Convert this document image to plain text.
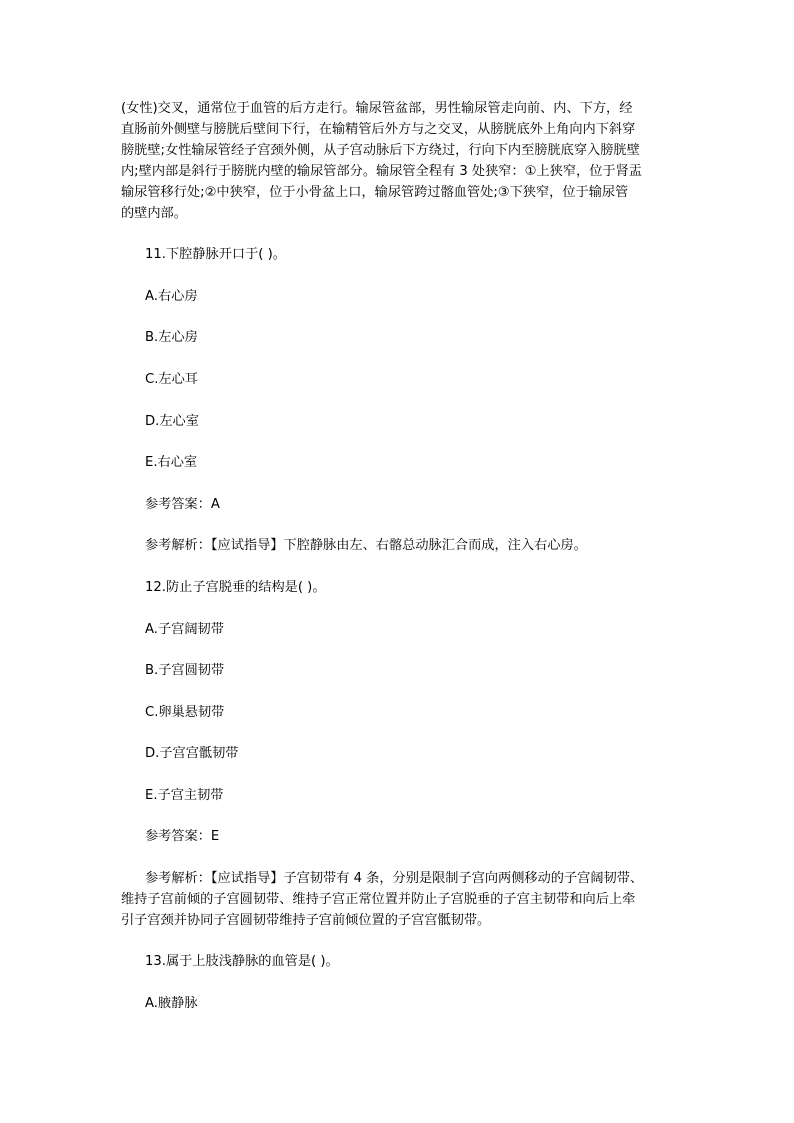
(女性)交叉，通常位于血管的后方走行。输尿管盆部，男性输尿管走向前、内、下方，经
直肠前外侧壁与膀胱后壁间下行，在输精管后外方与之交叉，从膀胱底外上角向内下斜穿
膀胱壁;女性输尿管经子宫颈外侧，从子宫动脉后下方绕过，行向下内至膀胱底穿入膀胱壁
内;壁内部是斜行于膀胱内壁的输尿管部分。输尿管全程有 3 处狭窄：①上狭窄，位于肾盂
输尿管移行处;②中狭窄，位于小骨盆上口，输尿管跨过髂血管处;③下狭窄，位于输尿管
的壁内部。
11.下腔静脉开口于( )。
A.右心房
B.左心房
C.左心耳
D.左心室
E.右心室
参考答案：A
参考解析：【应试指导】下腔静脉由左、右髂总动脉汇合而成，注入右心房。
12.防止子宫脱垂的结构是( )。
A.子宫阔韧带
B.子宫圆韧带
C.卵巢悬韧带
D.子宫宫骶韧带
E.子宫主韧带
参考答案：E
参考解析：【应试指导】子宫韧带有 4 条，分别是限制子宫向两侧移动的子宫阔韧带、
维持子宫前倾的子宫圆韧带、维持子宫正常位置并防止子宫脱垂的子宫主韧带和向后上牵
引子宫颈并协同子宫圆韧带维持子宫前倾位置的子宫宫骶韧带。
13.属于上肢浅静脉的血管是( )。
A.腋静脉
